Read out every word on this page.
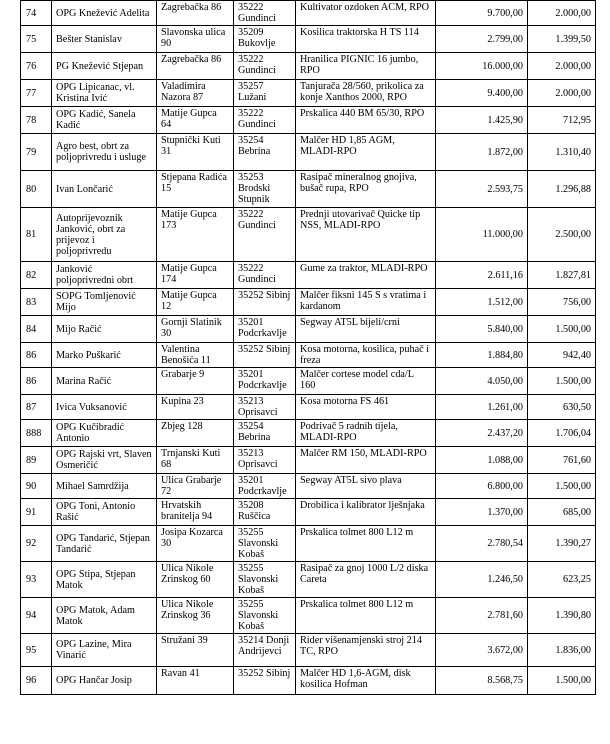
74	OPG Knežević Adelita	Zagrebačka 86	35222 Gundinci	Kultivator ozdoken ACM, RPO	9.700,00	2.000,00
75	Bešter Stanislav	Slavonska ulica 90	35209 Bukovlje	Kosilica traktorska H TS 114	2.799,00	1.399,50
76	PG Knežević Stjepan	Zagrebačka 86	35222 Gundinci	Hranilica PIGNIC 16 jumbo, RPO	16.000,00	2.000,00
77	OPG Lipicanac, vl. Kristina Ivić	Valadimira Nazora 87	35257 Lužani	Tanjurača 28/560, prikolica za konje Xanthos 2000, RPO	9.400,00	2.000,00
78	OPG Kadić, Sanela Kadić	Matije Gupca 64	35222 Gundinci	Prskalica 440 BM 65/30, RPO	1.425,90	712,95
79	Agro best, obrt za poljoprivredu i usluge	Stupnički Kuti 31	35254 Bebrina	Malčer HD 1,85 AGM, MLADI-RPO	1.872,00	1.310,40
80	Ivan Lončarić	Stjepana Radića 15	35253 Brodski Stupnik	Rasipač mineralnog gnojiva, bušač rupa, RPO	2.593,75	1.296,88
81	Autoprijevoznik Janković, obrt za prijevoz i poljoprivredu	Matije Gupca 173	35222 Gundinci	Prednji utovarivač Quicke tip NSS, MLADI-RPO	11.000,00	2.500,00
82	Janković poljoprivredni obrt	Matije Gupca 174	35222 Gundinci	Gume za traktor, MLADI-RPO	2.611,16	1.827,81
83	SOPG Tomljenović Mijo	Matije Gupca 12	35252 Sibinj	Malčer fiksni 145 S s vratima i kardanom	1.512,00	756,00
84	Mijo Račić	Gornji Slatinik 30	35201 Podcrkavlje	Segway AT5L bijeli/crni	5.840,00	1.500,00
86	Marko Puškarić	Valentina Benošića 11	35252 Sibinj	Kosa motorna, kosilica, puhač i freza	1.884,80	942,40
86	Marina Račić	Grabarje 9	35201 Podcrkavlje	Malčer cortese model cda/L 160	4.050,00	1.500,00
87	Ivica Vuksanović	Kupina 23	35213 Oprisavci	Kosa motorna FS 461	1.261,00	630,50
888	OPG Kučibradić Antonio	Zbjeg 128	35254 Bebrina	Podrivač 5 radnih tijela, MLADI-RPO	2.437,20	1.706,04
89	OPG Rajski vrt, Slaven Osmeričić	Trnjanski Kuti 68	35213 Oprisavci	Malčer RM 150, MLADI-RPO	1.088,00	761,60
90	Mihael Samrdžija	Ulica Grabarje 72	35201 Podcrkavlje	Segway AT5L sivo plava	6.800,00	1.500,00
91	OPG Toni, Antonio Rašić	Hrvatskih branitelja 94	35208 Ruščica	Drobilica i kalibrator lješnjaka	1.370,00	685,00
92	OPG Tandarić, Stjepan Tandarić	Josipa Kozarca 30	35255 Slavonski Kobaš	Prskalica tolmet 800 L12 m	2.780,54	1.390,27
93	OPG Stipa, Stjepan Matok	Ulica Nikole Zrinskog 60	35255 Slavonski Kobaš	Rasipač za gnoj 1000 L/2 diska Careta	1.246,50	623,25
94	OPG Matok, Adam Matok	Ulica Nikole Zrinskog 36	35255 Slavonski Kobaš	Prskalica tolmet 800 L12 m	2.781,60	1.390,80
95	OPG Lazine, Mira Vinarić	Stružani 39	35214 Donji Andrijevci	Rider višenamjenski stroj 214 TC, RPO	3.672,00	1.836,00
96	OPG Hančar Josip	Ravan 41	35252 Sibinj	Malčer HD 1,6-AGM, disk kosilica Hofman	8.568,75	1.500,00
